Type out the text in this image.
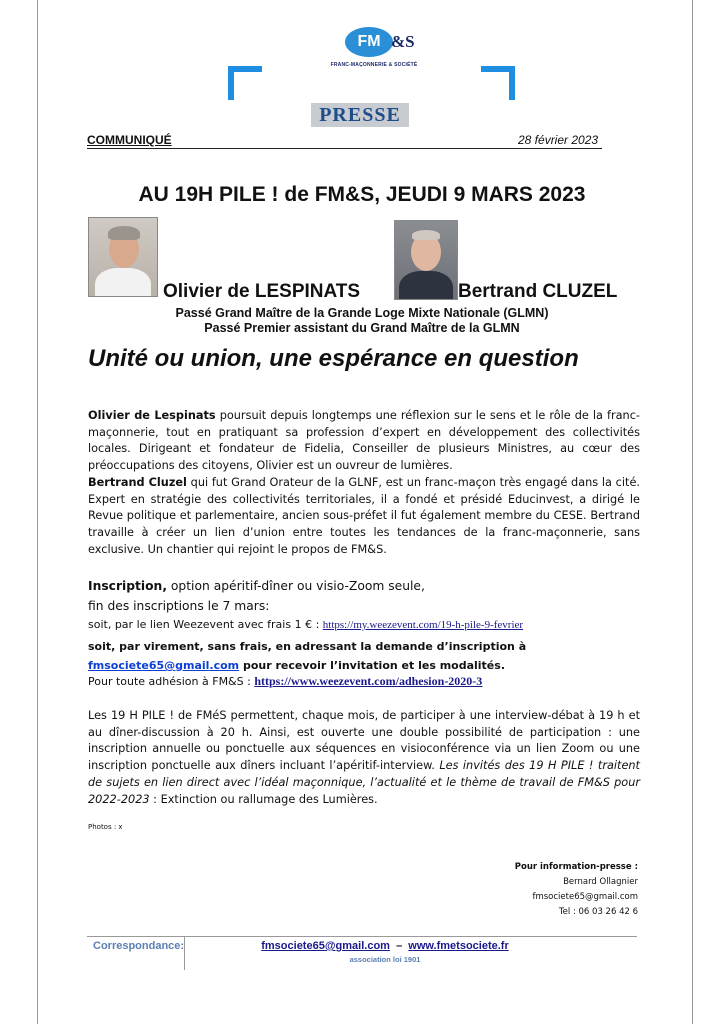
FM &S
FRANC-MAÇONNERIE & SOCIÉTÉ
PRESSE
COMMUNIQUÉ	28 février 2023
AU 19H PILE ! de FM&S, JEUDI 9 MARS 2023
Olivier de LESPINATS	Bertrand CLUZEL
Passé Grand Maître de la Grande Loge Mixte Nationale (GLMN)
Passé Premier assistant du Grand Maître de la GLMN
Unité ou union, une espérance en question
Olivier de Lespinats poursuit depuis longtemps une réflexion sur le sens et le rôle de la franc-maçonnerie, tout en pratiquant sa profession d’expert en développement des collectivités locales. Dirigeant et fondateur de Fidelia, Conseiller de plusieurs Ministres, au cœur des préoccupations des citoyens, Olivier est un ouvreur de lumières.
Bertrand Cluzel qui fut Grand Orateur de la GLNF, est un franc-maçon très engagé dans la cité. Expert en stratégie des collectivités territoriales, il a fondé et présidé Educinvest, a dirigé le Revue politique et parlementaire, ancien sous-préfet il fut également membre du CESE. Bertrand travaille à créer un lien d’union entre toutes les tendances de la franc-maçonnerie, sans exclusive. Un chantier qui rejoint le propos de FM&S.
Inscription, option apéritif-dîner ou visio-Zoom seule,
fin des inscriptions le 7 mars:
soit, par le lien Weezevent avec frais 1 € : https://my.weezevent.com/19-h-pile-9-fevrier
soit, par virement, sans frais, en adressant la demande d’inscription à fmsociete65@gmail.com pour recevoir l’invitation et les modalités.
Pour toute adhésion à FM&S : https://www.weezevent.com/adhesion-2020-3
Les 19 H PILE ! de FMéS permettent, chaque mois, de participer à une interview-débat à 19 h et au dîner-discussion à 20 h. Ainsi, est ouverte une double possibilité de participation : une inscription annuelle ou ponctuelle aux séquences en visioconférence via un lien Zoom ou une inscription ponctuelle aux dîners incluant l’apéritif-interview. Les invités des 19 H PILE ! traitent de sujets en lien direct avec l’idéal maçonnique, l’actualité et le thème de travail de FM&S pour 2022-2023 : Extinction ou rallumage des Lumières.
Photos : x
Pour information-presse :
Bernard Ollagnier
fmsociete65@gmail.com
Tel : 06 03 26 42 6
Correspondance:	fmsociete65@gmail.com  –  www.fmetsociete.fr
association loi 1901
